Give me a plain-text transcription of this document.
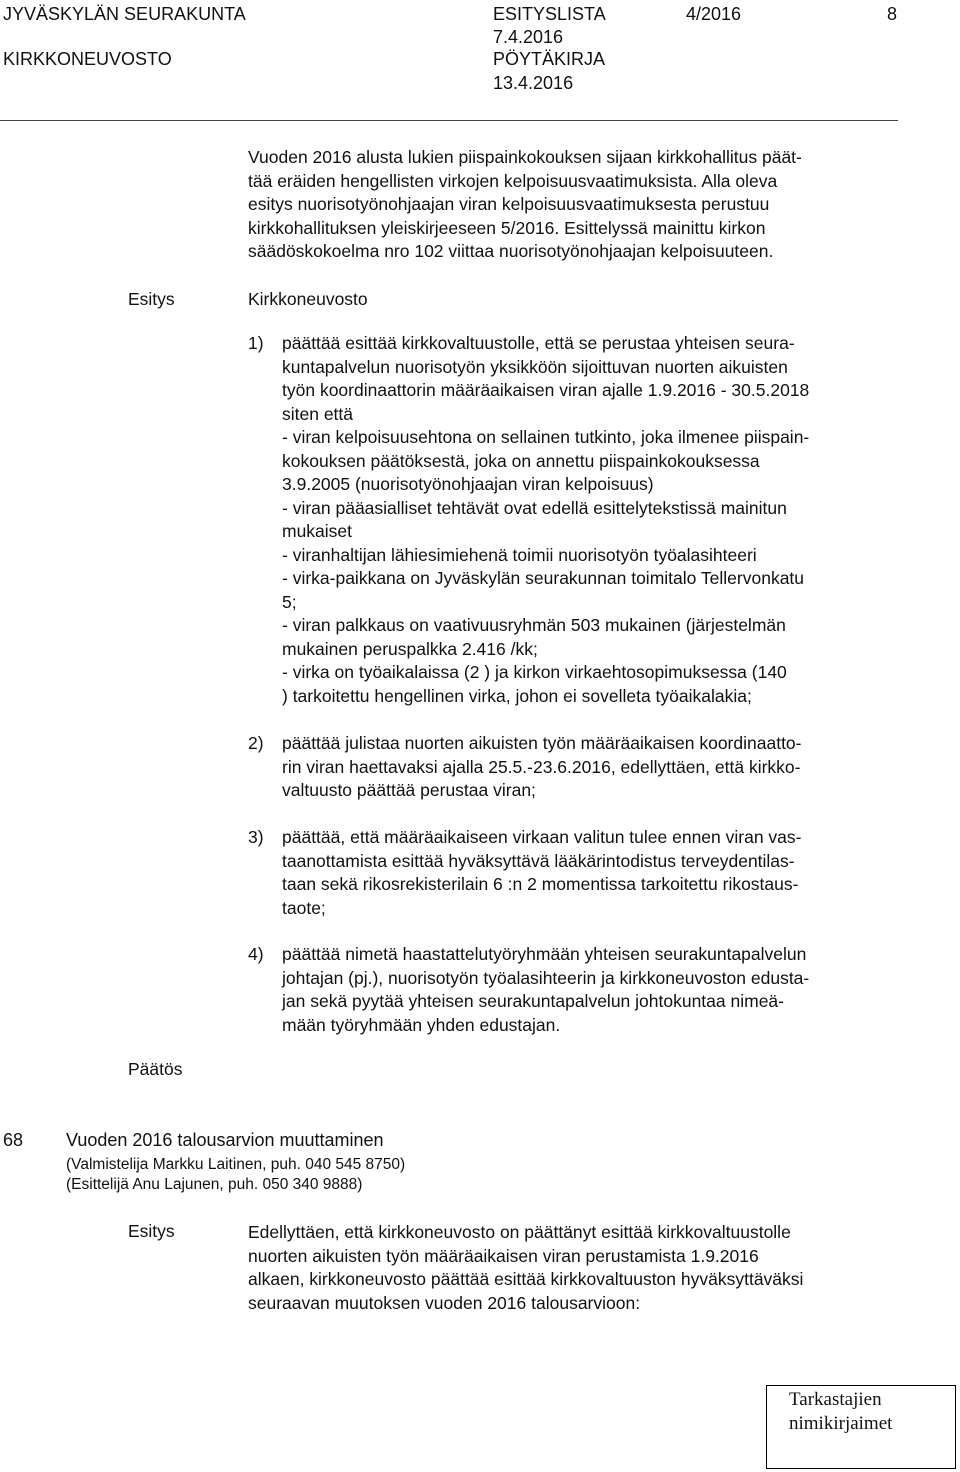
JYVÄSKYLÄN SEURAKUNTA
KIRKKONEUVOSTO
ESITYSLISTA
7.4.2016
PÖYTÄKIRJA
13.4.2016
4/2016	8
Vuoden 2016 alusta lukien piispainkokouksen sijaan kirkkohallitus päät-
tää eräiden hengellisten virkojen kelpoisuusvaatimuksista. Alla oleva
esitys nuorisotyönohjaajan viran kelpoisuusvaatimuksesta perustuu
kirkkohallituksen yleiskirjeeseen 5/2016. Esittelyssä mainittu kirkon
säädöskokoelma nro 102 viittaa nuorisotyönohjaajan kelpoisuuteen.
Esitys	Kirkkoneuvosto
1) päättää esittää kirkkovaltuustolle, että se perustaa yhteisen seura-
kuntapalvelun nuorisotyön yksikköön sijoittuvan nuorten aikuisten
työn koordinaattorin määräaikaisen viran ajalle 1.9.2016 - 30.5.2018
siten että
- viran kelpoisuusehtona on sellainen tutkinto, joka ilmenee piispain-
kokouksen päätöksestä, joka on annettu piispainkokouksessa
3.9.2005 (nuorisotyönohjaajan viran kelpoisuus)
- viran pääasialliset tehtävät ovat edellä esittelytekstissä mainitun
mukaiset
- viranhaltijan lähiesimiehenä toimii nuorisotyön työalasihteeri
- virka-paikkana on Jyväskylän seurakunnan toimitalo Tellervonkatu
5;
- viran palkkaus on vaativuusryhmän 503 mukainen (järjestelmän
mukainen peruspalkka 2.416 /kk;
- virka on työaikalaissa (2 ) ja kirkon virkaehtosopimuksessa (140
) tarkoitettu hengellinen virka, johon ei sovelleta työaikalakia;
2) päättää julistaa nuorten aikuisten työn määräaikaisen koordinaatto-
rin viran haettavaksi ajalla 25.5.-23.6.2016, edellyttäen, että kirkko-
valtuusto päättää perustaa viran;
3) päättää, että määräaikaiseen virkaan valitun tulee ennen viran vas-
taanottamista esittää hyväksyttävä lääkärintodistus terveydentilas-
taan sekä rikosrekisterilain 6 :n 2 momentissa tarkoitettu rikostaus-
taote;
4) päättää nimetä haastattelutyöryhmään yhteisen seurakuntapalvelun
johtajan (pj.), nuorisotyön työalasihteerin ja kirkkoneuvoston edusta-
jan sekä pyytää yhteisen seurakuntapalvelun johtokuntaa nimeä-
mään työryhmään yhden edustajan.
Päätös
68 Vuoden 2016 talousarvion muuttaminen
(Valmistelija Markku Laitinen, puh. 040 545 8750)
(Esittelijä Anu Lajunen, puh. 050 340 9888)
Esitys	Edellyttäen, että kirkkoneuvosto on päättänyt esittää kirkkovaltuustolle
nuorten aikuisten työn määräaikaisen viran perustamista 1.9.2016
alkaen, kirkkoneuvosto päättää esittää kirkkovaltuuston hyväksyttäväksi
seuraavan muutoksen vuoden 2016 talousarvioon:
Tarkastajien
nimikirjaimet
